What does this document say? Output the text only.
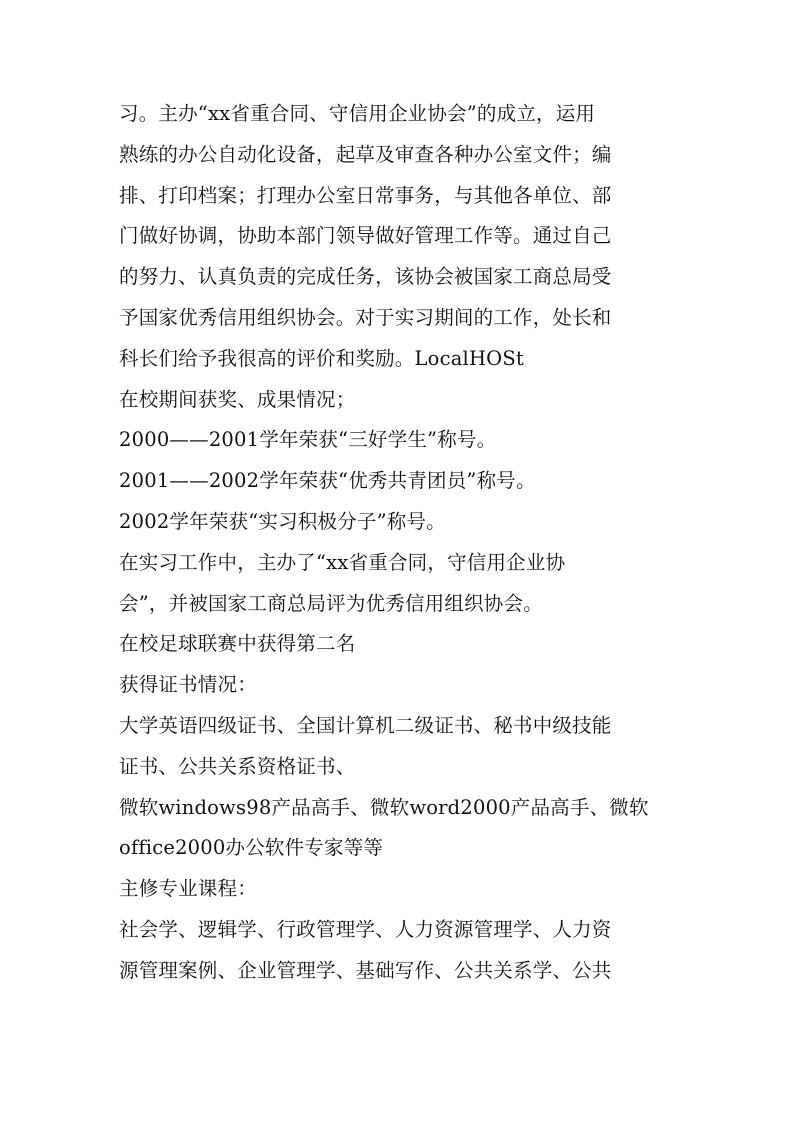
习。主办“xx省重合同、守信用企业协会”的成立，运用
熟练的办公自动化设备，起草及审查各种办公室文件；编
排、打印档案；打理办公室日常事务，与其他各单位、部
门做好协调，协助本部门领导做好管理工作等。通过自己
的努力、认真负责的完成任务，该协会被国家工商总局受
予国家优秀信用组织协会。对于实习期间的工作，处长和
科长们给予我很高的评价和奖励。LocalHOSt
在校期间获奖、成果情况；
2000——2001学年荣获“三好学生”称号。
2001——2002学年荣获“优秀共青团员”称号。
2002学年荣获“实习积极分子”称号。
在实习工作中，主办了“xx省重合同，守信用企业协
会”，并被国家工商总局评为优秀信用组织协会。
在校足球联赛中获得第二名
获得证书情况：
大学英语四级证书、全国计算机二级证书、秘书中级技能
证书、公共关系资格证书、
微软windows98产品高手、微软word2000产品高手、微软
office2000办公软件专家等等
主修专业课程：
社会学、逻辑学、行政管理学、人力资源管理学、人力资
源管理案例、企业管理学、基础写作、公共关系学、公共
